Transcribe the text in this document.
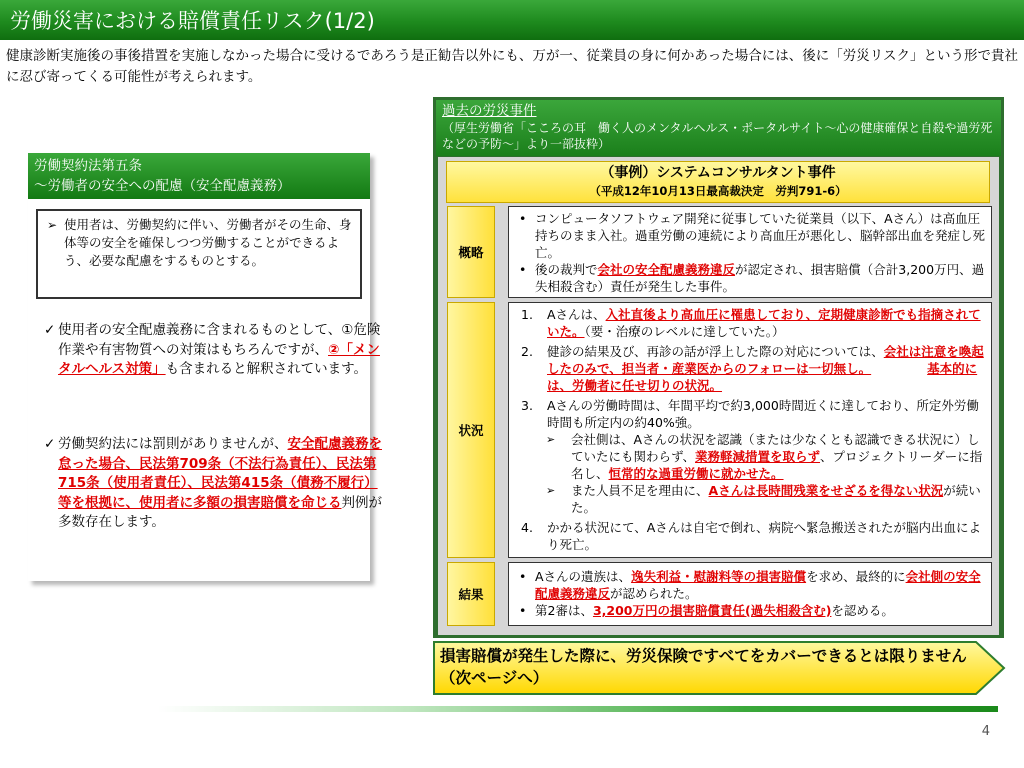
労働災害における賠償責任リスク(1/2)
健康診断実施後の事後措置を実施しなかった場合に受けるであろう是正勧告以外にも、万が一、従業員の身に何かあった場合には、後に「労災リスク」という形で貴社に忍び寄ってくる可能性が考えられます。
労働契約法第五条
～労働者の安全への配慮（安全配慮義務）
➢ 使用者は、労働契約に伴い、労働者がその生命、身体等の安全を確保しつつ労働することができるよう、必要な配慮をするものとする。
✓ 使用者の安全配慮義務に含まれるものとして、①危険作業や有害物質への対策はもちろんですが、②「メンタルヘルス対策」も含まれると解釈されています。
✓ 労働契約法には罰則がありませんが、安全配慮義務を怠った場合、民法第709条（不法行為責任）、民法第715条（使用者責任）、民法第415条（債務不履行）等を根拠に、使用者に多額の損害賠償を命じる判例が多数存在します。
過去の労災事件
（厚生労働省「こころの耳　働く人のメンタルヘルス・ポータルサイト～心の健康確保と自殺や過労死などの予防～」より一部抜粋）
（事例）システムコンサルタント事件
（平成12年10月13日最高裁決定　労判791-6）
概略
• コンピュータソフトウェア開発に従事していた従業員（以下、Aさん）は高血圧持ちのまま入社。過重労働の連続により高血圧が悪化し、脳幹部出血を発症し死亡。
• 後の裁判で会社の安全配慮義務違反が認定され、損害賠償（合計3,200万円、過失相殺含む）責任が発生した事件。
状況
1. Aさんは、入社直後より高血圧に罹患しており、定期健康診断でも指摘されていた。（要・治療のレベルに達していた。）
2. 健診の結果及び、再診の話が浮上した際の対応については、会社は注意を喚起したのみで、担当者・産業医からのフォローは一切無し。	基本的には、労働者に任せ切りの状況。
3. Aさんの労働時間は、年間平均で約3,000時間近くに達しており、所定外労働時間も所定内の約40%強。
➢ 会社側は、Aさんの状況を認識（または少なくとも認識できる状況に）していたにも関わらず、業務軽減措置を取らず、プロジェクトリーダーに指名し、恒常的な過重労働に就かせた。
➢ また人員不足を理由に、Aさんは長時間残業をせざるを得ない状況が続いた。
4. かかる状況にて、Aさんは自宅で倒れ、病院へ緊急搬送されたが脳内出血により死亡。
結果
• Aさんの遺族は、逸失利益・慰謝料等の損害賠償を求め、最終的に会社側の安全配慮義務違反が認められた。
• 第2審は、3,200万円の損害賠償責任(過失相殺含む)を認める。
損害賠償が発生した際に、労災保険ですべてをカバーできるとは限りません（次ページへ）
4
